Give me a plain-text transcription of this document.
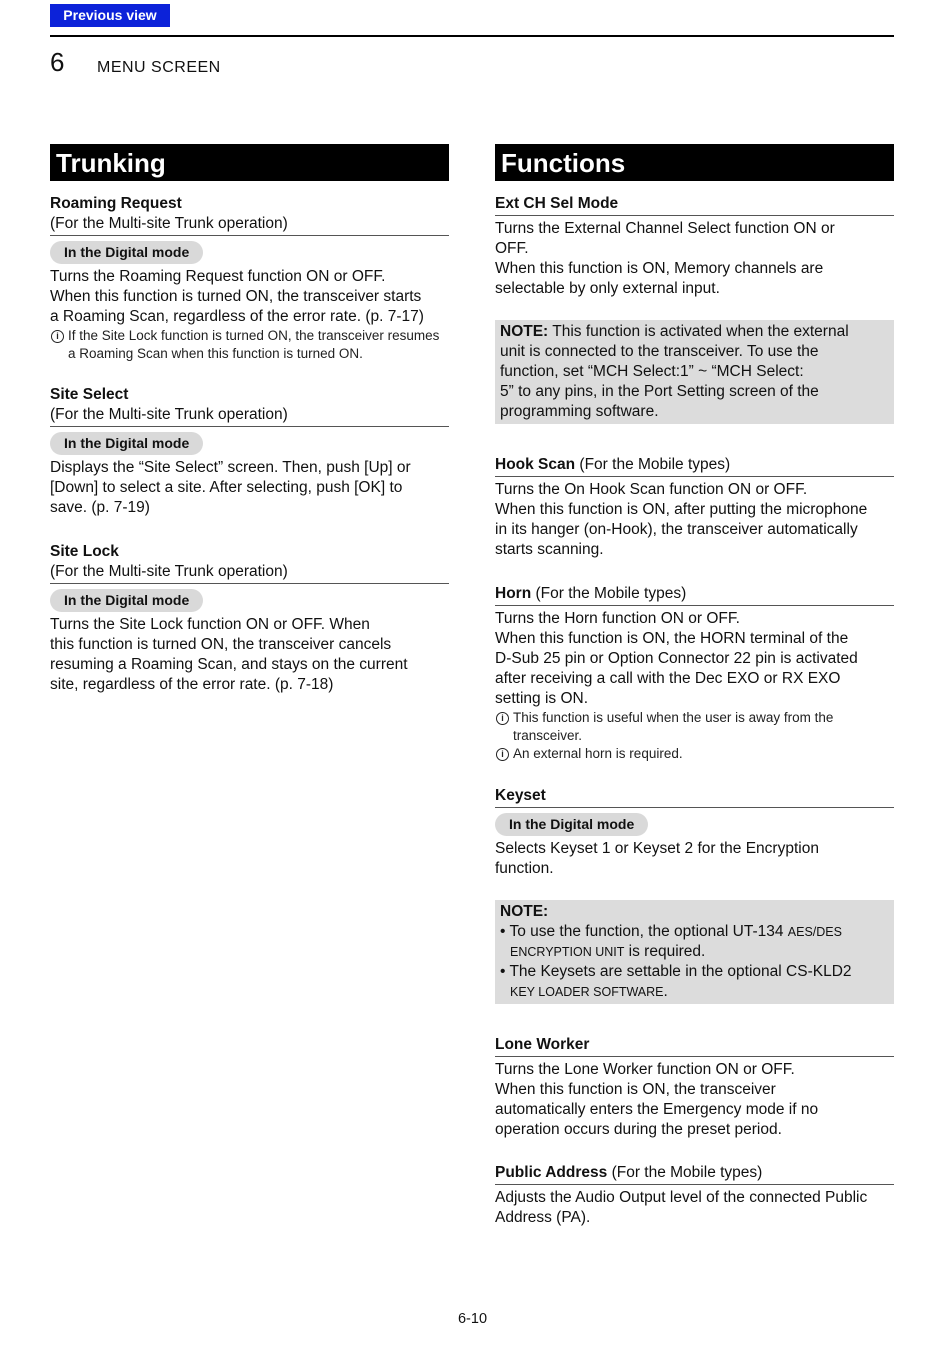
Previous view
6 MENU SCREEN
Trunking
Roaming Request
(For the Multi-site Trunk operation)
In the Digital mode
Turns the Roaming Request function ON or OFF.
When this function is turned ON, the transceiver starts
a Roaming Scan, regardless of the error rate. (p. 7-17)
i If the Site Lock function is turned ON, the transceiver resumes a Roaming Scan when this function is turned ON.
Site Select
(For the Multi-site Trunk operation)
In the Digital mode
Displays the “Site Select” screen. Then, push [Up] or
[Down] to select a site. After selecting, push [OK] to
save. (p. 7-19)
Site Lock
(For the Multi-site Trunk operation)
In the Digital mode
Turns the Site Lock function ON or OFF. When
this function is turned ON, the transceiver cancels
resuming a Roaming Scan, and stays on the current
site, regardless of the error rate. (p. 7-18)
Functions
Ext CH Sel Mode
Turns the External Channel Select function ON or
OFF.
When this function is ON, Memory channels are
selectable by only external input.
NOTE: This function is activated when the external
unit is connected to the transceiver. To use the
function, set “MCH Select:1” ~ “MCH Select:
5” to any pins, in the Port Setting screen of the
programming software.
Hook Scan (For the Mobile types)
Turns the On Hook Scan function ON or OFF.
When this function is ON, after putting the microphone
in its hanger (on-Hook), the transceiver automatically
starts scanning.
Horn (For the Mobile types)
Turns the Horn function ON or OFF.
When this function is ON, the HORN terminal of the
D-Sub 25 pin or Option Connector 22 pin is activated
after receiving a call with the Dec EXO or RX EXO
setting is ON.
i This function is useful when the user is away from the transceiver.
i An external horn is required.
Keyset
In the Digital mode
Selects Keyset 1 or Keyset 2 for the Encryption
function.
NOTE:
• To use the function, the optional UT-134 AES/DES
ENCRYPTION UNIT is required.
• The Keysets are settable in the optional CS-KLD2
KEY LOADER SOFTWARE.
Lone Worker
Turns the Lone Worker function ON or OFF.
When this function is ON, the transceiver
automatically enters the Emergency mode if no
operation occurs during the preset period.
Public Address (For the Mobile types)
Adjusts the Audio Output level of the connected Public
Address (PA).
6-10
